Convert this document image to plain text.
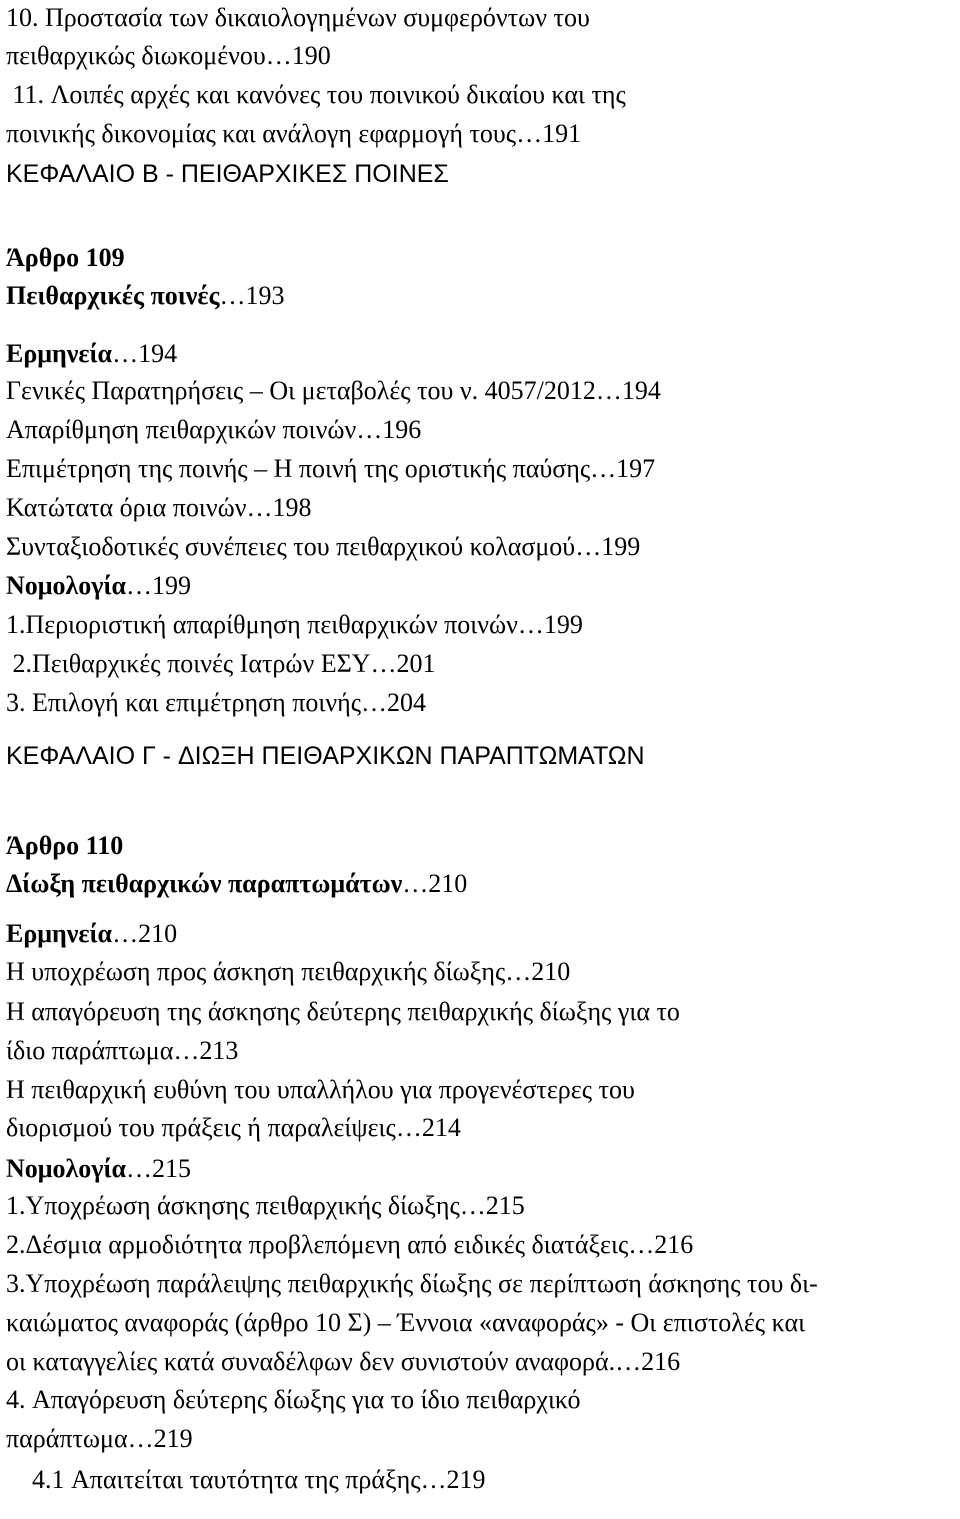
10. Προστασία των δικαιολογημένων συμφερόντων του
πειθαρχικώς διωκομένου…190
11. Λοιπές αρχές και κανόνες του ποινικού δικαίου και της
ποινικής δικονομίας και ανάλογη εφαρμογή τους…191
ΚΕΦΑΛΑΙΟ Β - ΠΕΙΘΑΡΧΙΚΕΣ ΠΟΙΝΕΣ
Άρθρο 109
Πειθαρχικές ποινές…193
Ερμηνεία…194
Γενικές Παρατηρήσεις – Οι μεταβολές του ν. 4057/2012…194
Απαρίθμηση πειθαρχικών ποινών…196
Επιμέτρηση της ποινής – Η ποινή της οριστικής παύσης…197
Κατώτατα όρια ποινών…198
Συνταξιοδοτικές συνέπειες του πειθαρχικού κολασμού…199
Νομολογία…199
1.Περιοριστική απαρίθμηση πειθαρχικών ποινών…199
2.Πειθαρχικές ποινές Ιατρών ΕΣΥ…201
3. Επιλογή και επιμέτρηση ποινής…204
ΚΕΦΑΛΑΙΟ Γ - ΔΙΩΞΗ ΠΕΙΘΑΡΧΙΚΩΝ ΠΑΡΑΠΤΩΜΑΤΩΝ
Άρθρο 110
Δίωξη πειθαρχικών παραπτωμάτων…210
Ερμηνεία…210
Η υποχρέωση προς άσκηση πειθαρχικής δίωξης…210
Η απαγόρευση της άσκησης δεύτερης πειθαρχικής δίωξης για το
ίδιο παράπτωμα…213
Η πειθαρχική ευθύνη του υπαλλήλου για προγενέστερες του
διορισμού του πράξεις ή παραλείψεις…214
Νομολογία…215
1.Υποχρέωση άσκησης πειθαρχικής δίωξης…215
2.Δέσμια αρμοδιότητα προβλεπόμενη από ειδικές διατάξεις…216
3.Υποχρέωση παράλειψης πειθαρχικής δίωξης σε περίπτωση άσκησης του δι-
καιώματος αναφοράς (άρθρο 10 Σ) – Έννοια «αναφοράς» - Οι επιστολές και
οι καταγγελίες κατά συναδέλφων δεν συνιστούν αναφορά.…216
4. Απαγόρευση δεύτερης δίωξης για το ίδιο πειθαρχικό
παράπτωμα…219
4.1 Απαιτείται ταυτότητα της πράξης…219
